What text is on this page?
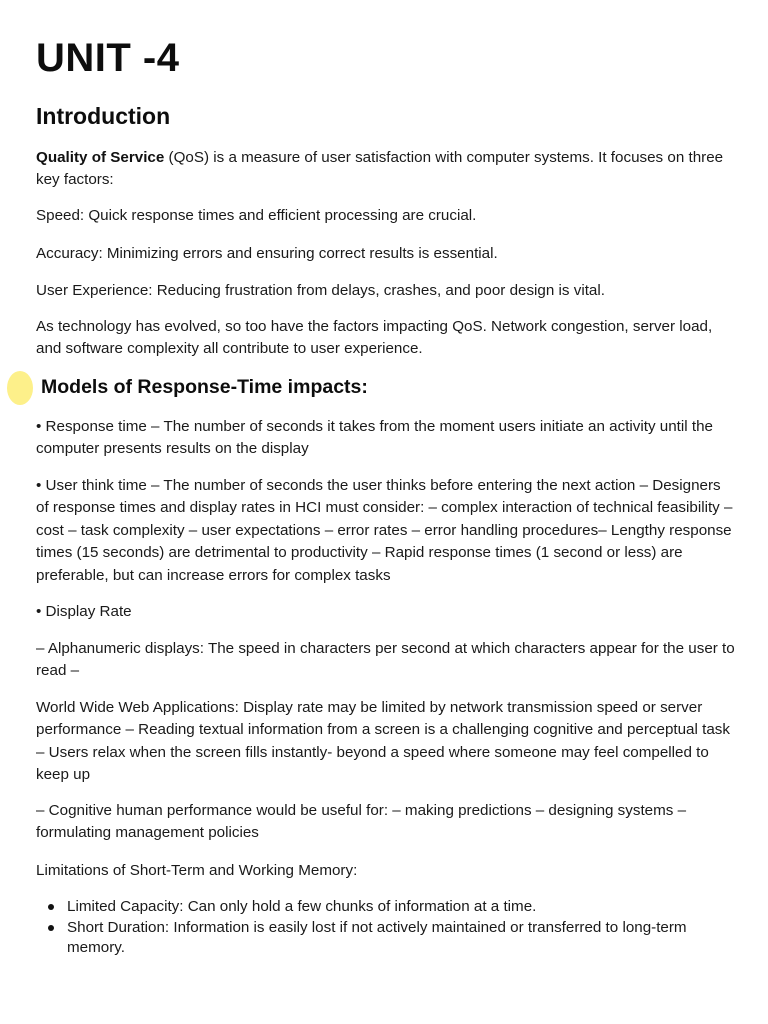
UNIT -4
Introduction

Quality of Service (QoS) is a measure of user satisfaction with computer systems. It focuses on three key factors:

Speed: Quick response times and efficient processing are crucial.

Accuracy: Minimizing errors and ensuring correct results is essential.

User Experience: Reducing frustration from delays, crashes, and poor design is vital.

As technology has evolved, so too have the factors impacting QoS. Network congestion, server load, and software complexity all contribute to user experience.

Models of Response-Time impacts:

• Response time – The number of seconds it takes from the moment users initiate an activity until the computer presents results on the display

• User think time – The number of seconds the user thinks before entering the next action – Designers of response times and display rates in HCI must consider: – complex interaction of technical feasibility – cost – task complexity – user expectations – error rates – error handling procedures– Lengthy response times (15 seconds) are detrimental to productivity – Rapid response times (1 second or less) are preferable, but can increase errors for complex tasks

• Display Rate

– Alphanumeric displays: The speed in characters per second at which characters appear for the user to read –

World Wide Web Applications: Display rate may be limited by network transmission speed or server performance – Reading textual information from a screen is a challenging cognitive and perceptual task – Users relax when the screen fills instantly- beyond a speed where someone may feel compelled to keep up

– Cognitive human performance would be useful for: – making predictions – designing systems – formulating management policies

Limitations of Short-Term and Working Memory:

Limited Capacity: Can only hold a few chunks of information at a time.
Short Duration: Information is easily lost if not actively maintained or transferred to long-term memory.
